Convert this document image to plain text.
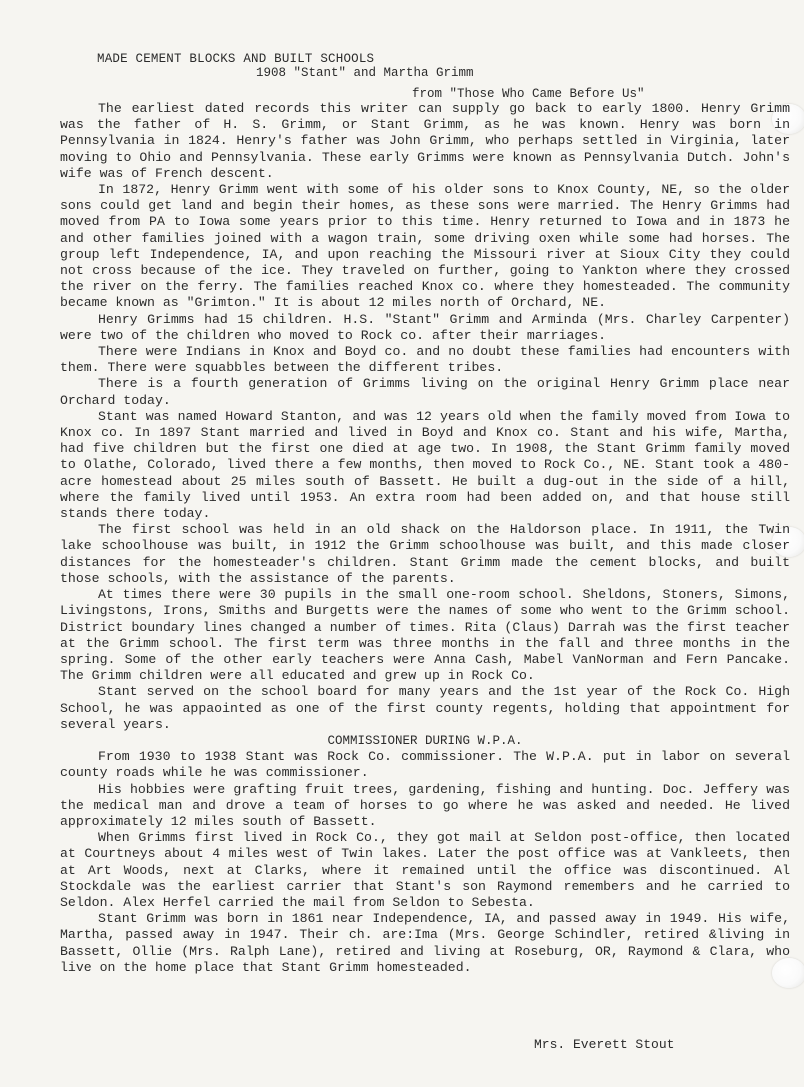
MADE CEMENT BLOCKS AND BUILT SCHOOLS
1908 "Stant" and Martha Grimm
from "Those Who Came Before Us"

The earliest dated records this writer can supply go back to early 1800. Henry Grimm was the father of H. S. Grimm, or Stant Grimm, as he was known. Henry was born in Pennsylvania in 1824. Henry's father was John Grimm, who perhaps settled in Virginia, later moving to Ohio and Pennsylvania. These early Grimms were known as Pennsylvania Dutch. John's wife was of French descent.

In 1872, Henry Grimm went with some of his older sons to Knox County, NE, so the older sons could get land and begin their homes, as these sons were married. The Henry Grimms had moved from PA to Iowa some years prior to this time. Henry returned to Iowa and in 1873 he and other families joined with a wagon train, some driving oxen while some had horses. The group left Independence, IA, and upon reaching the Missouri river at Sioux City they could not cross because of the ice. They traveled on further, going to Yankton where they crossed the river on the ferry. The families reached Knox co. where they homesteaded. The community became known as "Grimton." It is about 12 miles north of Orchard, NE.

Henry Grimms had 15 children. H.S. "Stant" Grimm and Arminda (Mrs. Charley Carpenter) were two of the children who moved to Rock co. after their marriages.

There were Indians in Knox and Boyd co. and no doubt these families had encounters with them. There were squabbles between the different tribes.

There is a fourth generation of Grimms living on the original Henry Grimm place near Orchard today.

Stant was named Howard Stanton, and was 12 years old when the family moved from Iowa to Knox co. In 1897 Stant married and lived in Boyd and Knox co. Stant and his wife, Martha, had five children but the first one died at age two. In 1908, the Stant Grimm family moved to Olathe, Colorado, lived there a few months, then moved to Rock Co., NE. Stant took a 480-acre homestead about 25 miles south of Bassett. He built a dug-out in the side of a hill, where the family lived until 1953. An extra room had been added on, and that house still stands there today.

The first school was held in an old shack on the Haldorson place. In 1911, the Twin lake schoolhouse was built, in 1912 the Grimm schoolhouse was built, and this made closer distances for the homesteader's children. Stant Grimm made the cement blocks, and built those schools, with the assistance of the parents.

At times there were 30 pupils in the small one-room school. Sheldons, Stoners, Simons, Livingstons, Irons, Smiths and Burgetts were the names of some who went to the Grimm school. District boundary lines changed a number of times. Rita (Claus) Darrah was the first teacher at the Grimm school. The first term was three months in the fall and three months in the spring. Some of the other early teachers were Anna Cash, Mabel VanNorman and Fern Pancake. The Grimm children were all educated and grew up in Rock Co.

Stant served on the school board for many years and the 1st year of the Rock Co. High School, he was appaointed as one of the first county regents, holding that appointment for several years.

COMMISSIONER DURING W.P.A.

From 1930 to 1938 Stant was Rock Co. commissioner. The W.P.A. put in labor on several county roads while he was commissioner.

His hobbies were grafting fruit trees, gardening, fishing and hunting. Doc. Jeffery was the medical man and drove a team of horses to go where he was asked and needed. He lived approximately 12 miles south of Bassett.

When Grimms first lived in Rock Co., they got mail at Seldon post-office, then located at Courtneys about 4 miles west of Twin lakes. Later the post office was at Vankleets, then at Art Woods, next at Clarks, where it remained until the office was discontinued. Al Stockdale was the earliest carrier that Stant's son Raymond remembers and he carried to Seldon. Alex Herfel carried the mail from Seldon to Sebesta.

Stant Grimm was born in 1861 near Independence, IA, and passed away in 1949. His wife, Martha, passed away in 1947. Their ch. are:Ima (Mrs. George Schindler, retired &living in Bassett, Ollie (Mrs. Ralph Lane), retired and living at Roseburg, OR, Raymond & Clara, who live on the home place that Stant Grimm homesteaded.

Mrs. Everett Stout
